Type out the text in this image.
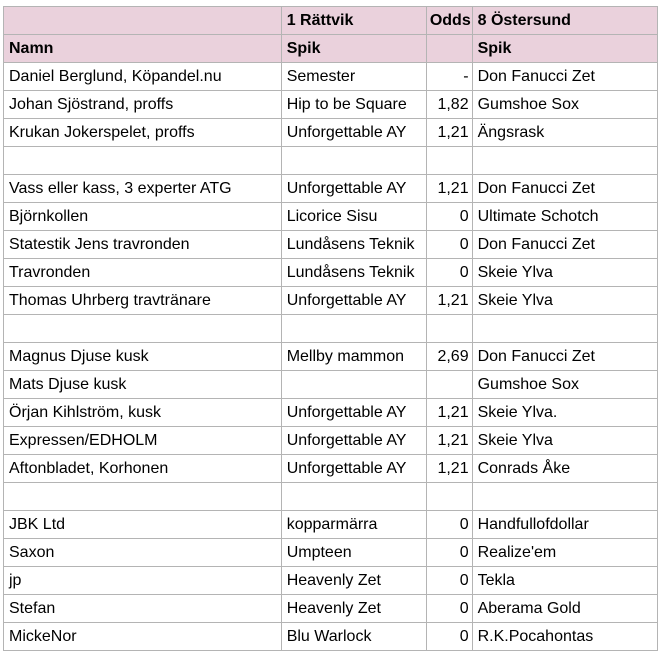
	1 Rättvik	Odds	8 Östersund
Namn	Spik		Spik
Daniel Berglund, Köpandel.nu	Semester	-	Don Fanucci Zet
Johan Sjöstrand, proffs	Hip to be Square	1,82	Gumshoe Sox
Krukan Jokerspelet, proffs	Unforgettable AY	1,21	Ängsrask

Vass eller kass, 3 experter ATG	Unforgettable AY	1,21	Don Fanucci Zet
Björnkollen	Licorice Sisu	0	Ultimate Schotch
Statestik Jens travronden	Lundåsens Teknik	0	Don Fanucci Zet
Travronden	Lundåsens Teknik	0	Skeie Ylva
Thomas Uhrberg travtränare	Unforgettable AY	1,21	Skeie Ylva

Magnus Djuse kusk	Mellby mammon	2,69	Don Fanucci Zet
Mats Djuse kusk			Gumshoe Sox
Örjan Kihlström, kusk	Unforgettable AY	1,21	Skeie Ylva.
Expressen/EDHOLM	Unforgettable AY	1,21	Skeie Ylva
Aftonbladet, Korhonen	Unforgettable AY	1,21	Conrads Åke

JBK Ltd	kopparmärra	0	Handfullofdollar
Saxon	Umpteen	0	Realize'em
jp	Heavenly Zet	0	Tekla
Stefan	Heavenly Zet	0	Aberama Gold
MickeNor	Blu Warlock	0	R.K.Pocahontas
